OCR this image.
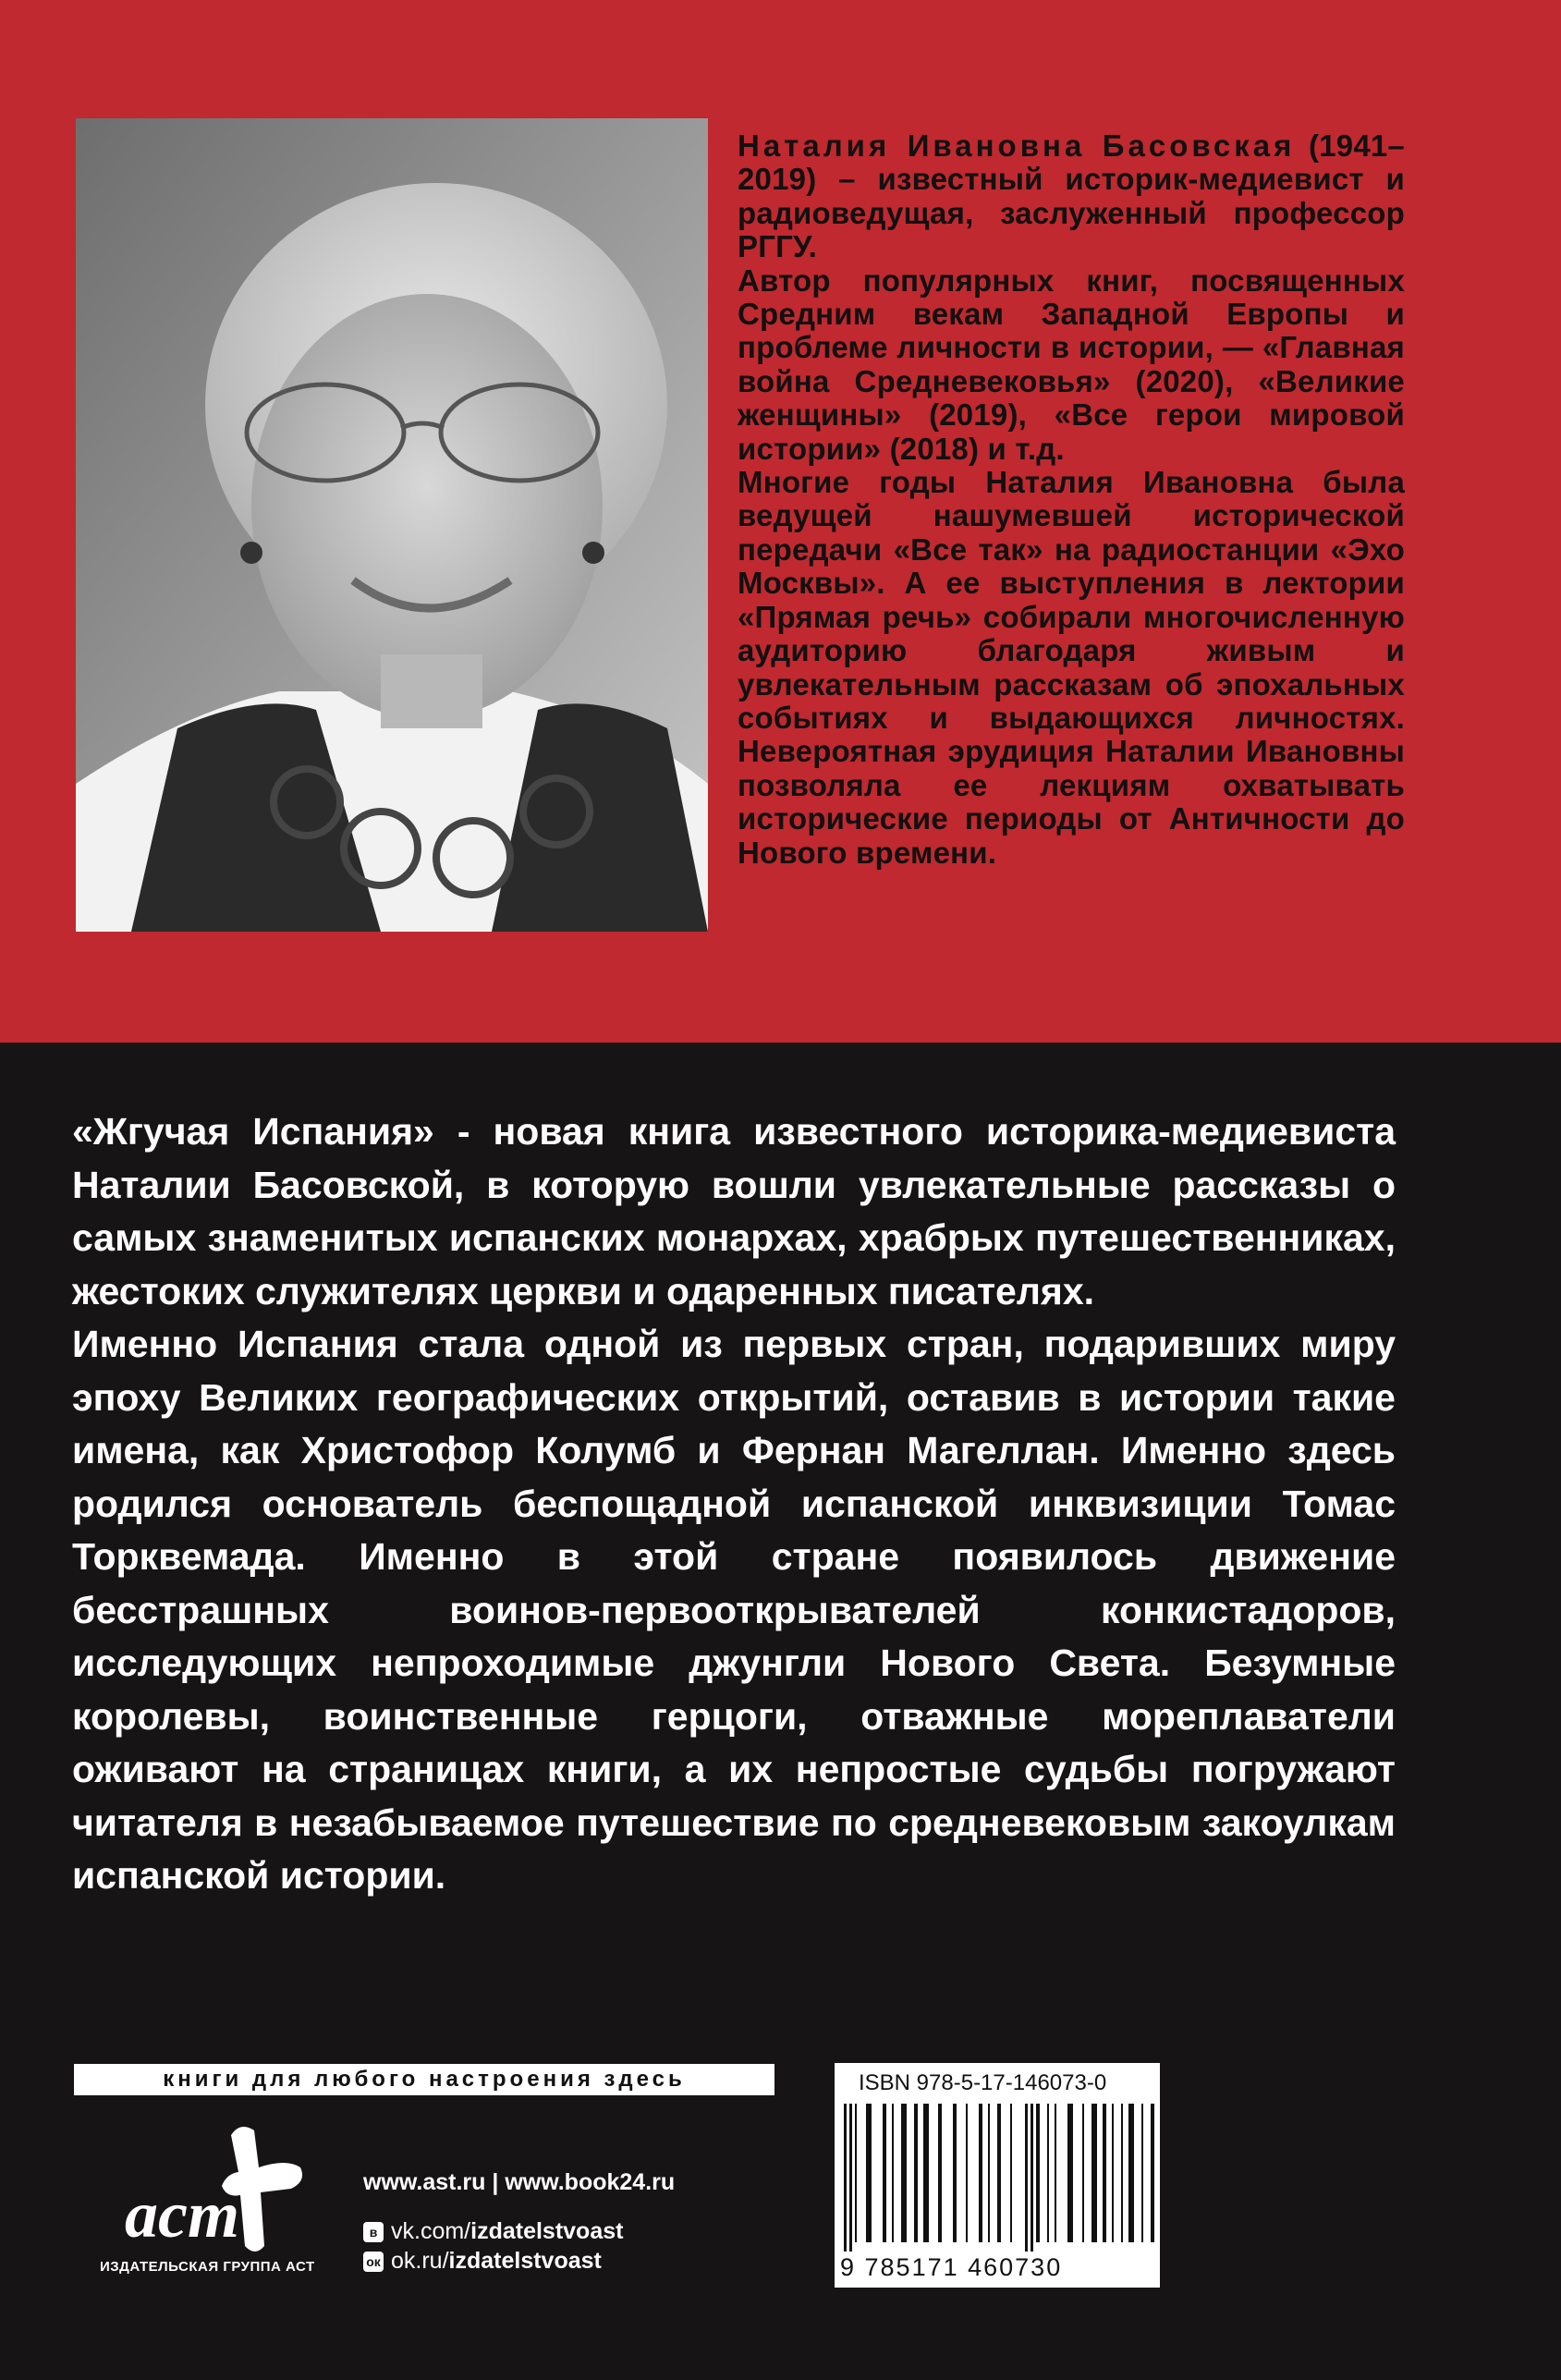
Наталия Ивановна Басовская (1941–2019) – известный историк-медиевист и радиоведущая, заслуженный профессор РГГУ.

Автор популярных книг, посвященных Средним векам Западной Европы и проблеме личности в истории, — «Главная война Средневековья» (2020), «Великие женщины» (2019), «Все герои мировой истории» (2018) и т.д.

Многие годы Наталия Ивановна была ведущей нашумевшей исторической передачи «Все так» на радиостанции «Эхо Москвы». А ее выступления в лектории «Прямая речь» собирали многочисленную аудиторию благодаря живым и увлекательным рассказам об эпохальных событиях и выдающихся личностях. Невероятная эрудиция Наталии Ивановны позволяла ее лекциям охватывать исторические периоды от Античности до Нового времени.

«Жгучая Испания» - новая книга известного историка-медиевиста Наталии Басовской, в которую вошли увлекательные рассказы о самых знаменитых испанских монархах, храбрых путешественниках, жестоких служителях церкви и одаренных писателях.

Именно Испания стала одной из первых стран, подаривших миру эпоху Великих географических открытий, оставив в истории такие имена, как Христофор Колумб и Фернан Магеллан. Именно здесь родился основатель беспощадной испанской инквизиции Томас Торквемада. Именно в этой стране появилось движение бесстрашных воинов-первооткрывателей конкистадоров, исследующих непроходимые джунгли Нового Света. Безумные королевы, воинственные герцоги, отважные мореплаватели оживают на страницах книги, а их непростые судьбы погружают читателя в незабываемое путешествие по средневековым закоулкам испанской истории.

книги для любого настроения здесь
аст
ИЗДАТЕЛЬСКАЯ ГРУППА АСТ
www.ast.ru | www.book24.ru
в vk.com/ izdatelstvoast
ок ok.ru/ izdatelstvoast
ISBN 978-5-17-146073-0
9 785171 460730
